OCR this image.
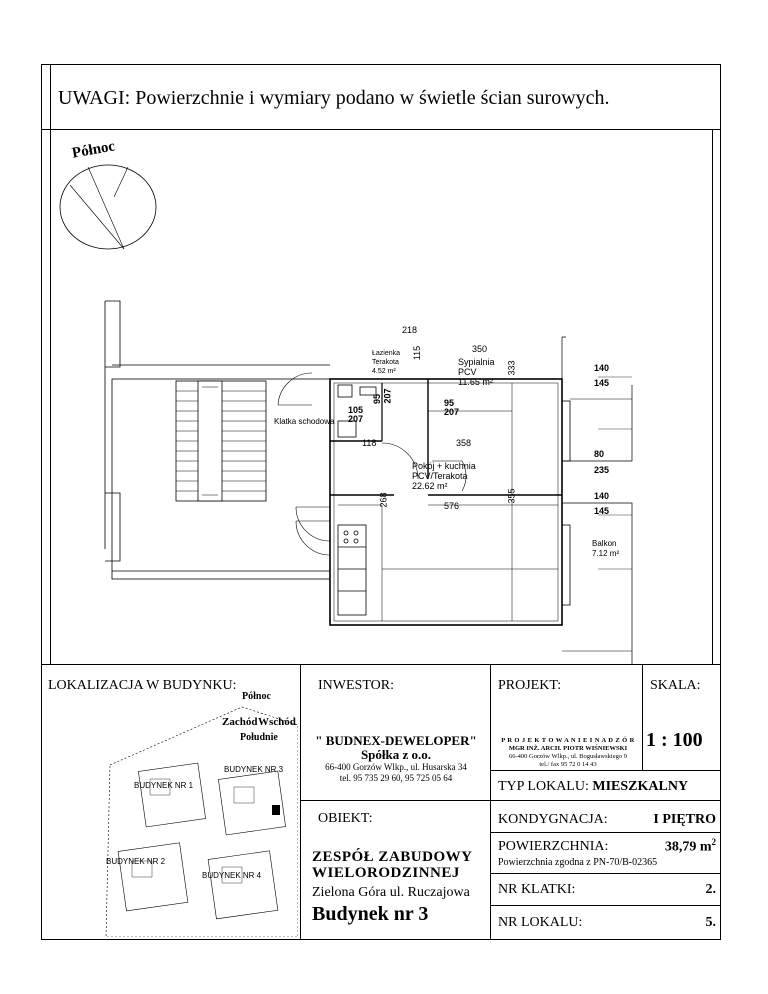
UWAGI: Powierzchnie i wymiary podano w świetle ścian surowych.
Północ
218
115
Łazienka
Terakota
4.52 m²
350
333
Sypialnia
PCV
11.65 m²
95 207	95
207
105
207
Klatka schodowa
118	358
Pokój + kuchnia
PCV/Terakota
22.62 m²
268	355
576
140
145
80
235
140
145
Balkon
7.12 m²
LOKALIZACJA W BUDYNKU:
Północ
Zachód Wschód
Południe
BUDYNEK NR 1
BUDYNEK NR 2
BUDYNEK NR 3
BUDYNEK NR 4
INWESTOR:
" BUDNEX-DEWELOPER"
Spółka z o.o.
66-400 Gorzów Wlkp., ul. Husarska 34
tel. 95 735 29 60, 95 725 05 64
OBIEKT:
ZESPÓŁ ZABUDOWY
WIELORODZINNEJ
Zielona Góra ul. Ruczajowa
Budynek nr 3
PROJEKT:
P R O J E K T O W A N I E I N A D Z Ó R
MGR INŻ. ARCH. PIOTR WIŚNIEWSKI
66-400 Gorzów Wlkp., ul. Bogusławskiego 9
tel./ fax 95 72 0 14 43
SKALA:
1 : 100
TYP LOKALU: MIESZKALNY
KONDYGNACJA:	I PIĘTRO
POWIERZCHNIA:	38,79 $m^2$
Powierzchnia zgodna z PN-70/B-02365
NR KLATKI:	2.
NR LOKALU:	5.
